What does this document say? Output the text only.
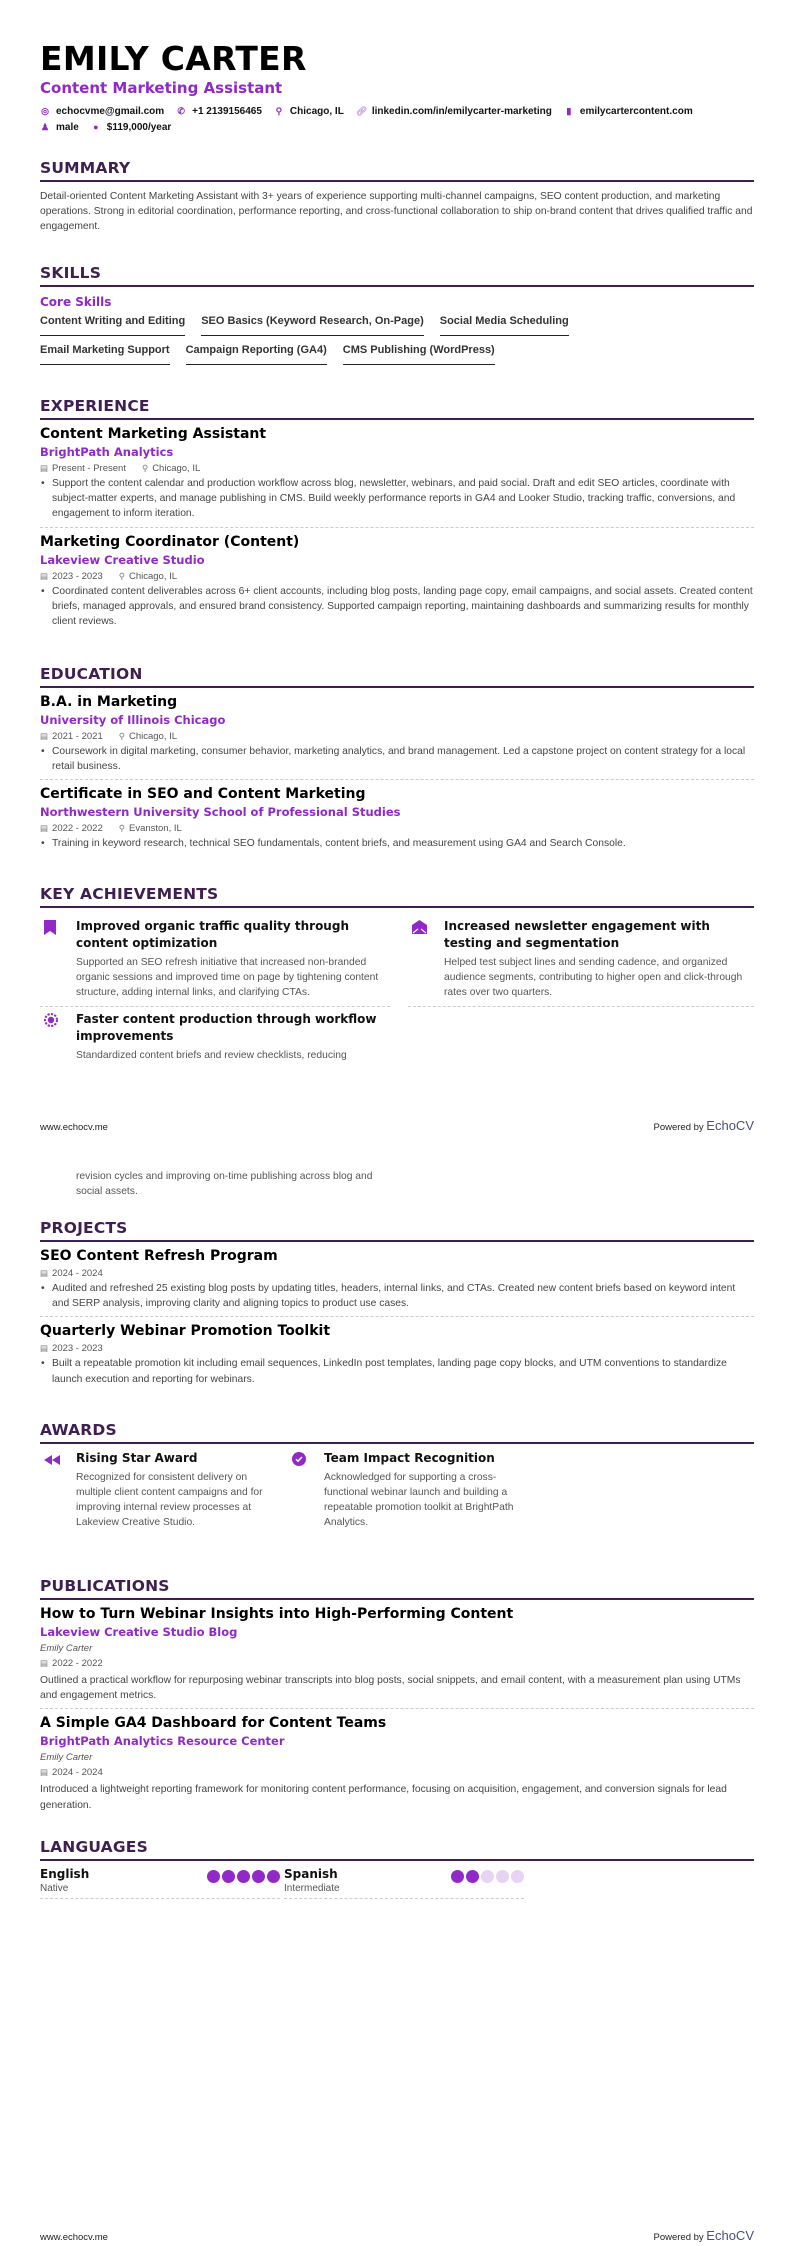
EMILY CARTER
Content Marketing Assistant
◎ echocvme@gmail.com ✆ +1 2139156465 ⚲ Chicago, IL 🔗︎ linkedin.com/in/emilycarter-marketing ▮ emilycartercontent.com
♟ male ● $119,000/year
SUMMARY
Detail-oriented Content Marketing Assistant with 3+ years of experience supporting multi-channel campaigns, SEO content production, and marketing operations. Strong in editorial coordination, performance reporting, and cross-functional collaboration to ship on-brand content that drives qualified traffic and engagement.
SKILLS
Core Skills
Content Writing and Editing SEO Basics (Keyword Research, On-Page) Social Media Scheduling
Email Marketing Support Campaign Reporting (GA4) CMS Publishing (WordPress)
EXPERIENCE
Content Marketing Assistant
BrightPath Analytics
▤ Present - Present ⚲ Chicago, IL
• Support the content calendar and production workflow across blog, newsletter, webinars, and paid social. Draft and edit SEO articles, coordinate with subject-matter experts, and manage publishing in CMS. Build weekly performance reports in GA4 and Looker Studio, tracking traffic, conversions, and engagement to inform iteration.
Marketing Coordinator (Content)
Lakeview Creative Studio
▤ 2023 - 2023 ⚲ Chicago, IL
• Coordinated content deliverables across 6+ client accounts, including blog posts, landing page copy, email campaigns, and social assets. Created content briefs, managed approvals, and ensured brand consistency. Supported campaign reporting, maintaining dashboards and summarizing results for monthly client reviews.
EDUCATION
B.A. in Marketing
University of Illinois Chicago
▤ 2021 - 2021 ⚲ Chicago, IL
• Coursework in digital marketing, consumer behavior, marketing analytics, and brand management. Led a capstone project on content strategy for a local retail business.
Certificate in SEO and Content Marketing
Northwestern University School of Professional Studies
▤ 2022 - 2022 ⚲ Evanston, IL
• Training in keyword research, technical SEO fundamentals, content briefs, and measurement using GA4 and Search Console.
KEY ACHIEVEMENTS
Improved organic traffic quality through content optimization
Supported an SEO refresh initiative that increased non-branded organic sessions and improved time on page by tightening content structure, adding internal links, and clarifying CTAs.
Faster content production through workflow improvements
Standardized content briefs and review checklists, reducing
Increased newsletter engagement with testing and segmentation
Helped test subject lines and sending cadence, and organized audience segments, contributing to higher open and click-through rates over two quarters.
www.echocv.me	Powered by EchoCV
revision cycles and improving on-time publishing across blog and social assets.
PROJECTS
SEO Content Refresh Program
▤ 2024 - 2024
• Audited and refreshed 25 existing blog posts by updating titles, headers, internal links, and CTAs. Created new content briefs based on keyword intent and SERP analysis, improving clarity and aligning topics to product use cases.
Quarterly Webinar Promotion Toolkit
▤ 2023 - 2023
• Built a repeatable promotion kit including email sequences, LinkedIn post templates, landing page copy blocks, and UTM conventions to standardize launch execution and reporting for webinars.
AWARDS
Rising Star Award
Recognized for consistent delivery on multiple client content campaigns and for improving internal review processes at Lakeview Creative Studio.
Team Impact Recognition
Acknowledged for supporting a cross-functional webinar launch and building a repeatable promotion toolkit at BrightPath Analytics.
PUBLICATIONS
How to Turn Webinar Insights into High-Performing Content
Lakeview Creative Studio Blog
Emily Carter
▤ 2022 - 2022
Outlined a practical workflow for repurposing webinar transcripts into blog posts, social snippets, and email content, with a measurement plan using UTMs and engagement metrics.
A Simple GA4 Dashboard for Content Teams
BrightPath Analytics Resource Center
Emily Carter
▤ 2024 - 2024
Introduced a lightweight reporting framework for monitoring content performance, focusing on acquisition, engagement, and conversion signals for lead generation.
LANGUAGES
English
Native
Spanish
Intermediate
www.echocv.me	Powered by EchoCV
